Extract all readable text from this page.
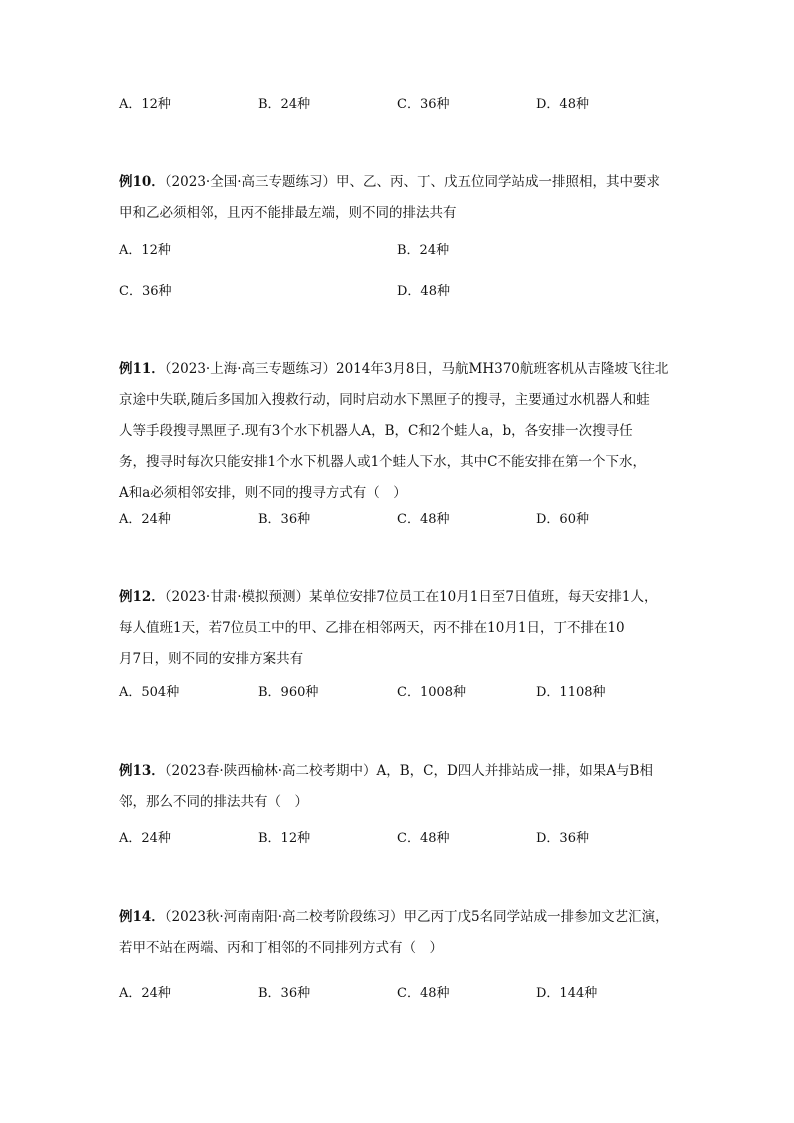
A．12种	B．24种	C．36种	D．48种
例10．（2023·全国·高三专题练习）甲、乙、丙、丁、戊五位同学站成一排照相，其中要求
甲和乙必须相邻，且丙不能排最左端，则不同的排法共有
A．12种	B．24种
C．36种	D．48种
例11．（2023·上海·高三专题练习）2014年3月8日，马航MH370航班客机从吉隆坡飞往北
京途中失联,随后多国加入搜救行动，同时启动水下黑匣子的搜寻，主要通过水机器人和蛙
人等手段搜寻黑匣子.现有3个水下机器人A，B，C和2个蛙人a，b，各安排一次搜寻任
务，搜寻时每次只能安排1个水下机器人或1个蛙人下水，其中C不能安排在第一个下水，
A和a必须相邻安排，则不同的搜寻方式有（　）
A．24种	B．36种	C．48种	D．60种
例12．（2023·甘肃·模拟预测）某单位安排7位员工在10月1日至7日值班，每天安排1人，
每人值班1天，若7位员工中的甲、乙排在相邻两天，丙不排在10月1日，丁不排在10
月7日，则不同的安排方案共有
A．504种	B．960种	C．1008种	D．1108种
例13．（2023春·陕西榆林·高二校考期中）A，B，C，D四人并排站成一排，如果A与B相
邻，那么不同的排法共有（　）
A．24种	B．12种	C．48种	D．36种
例14．（2023秋·河南南阳·高二校考阶段练习）甲乙丙丁戊5名同学站成一排参加文艺汇演，
若甲不站在两端、丙和丁相邻的不同排列方式有（　）
A．24种	B．36种	C．48种	D．144种
